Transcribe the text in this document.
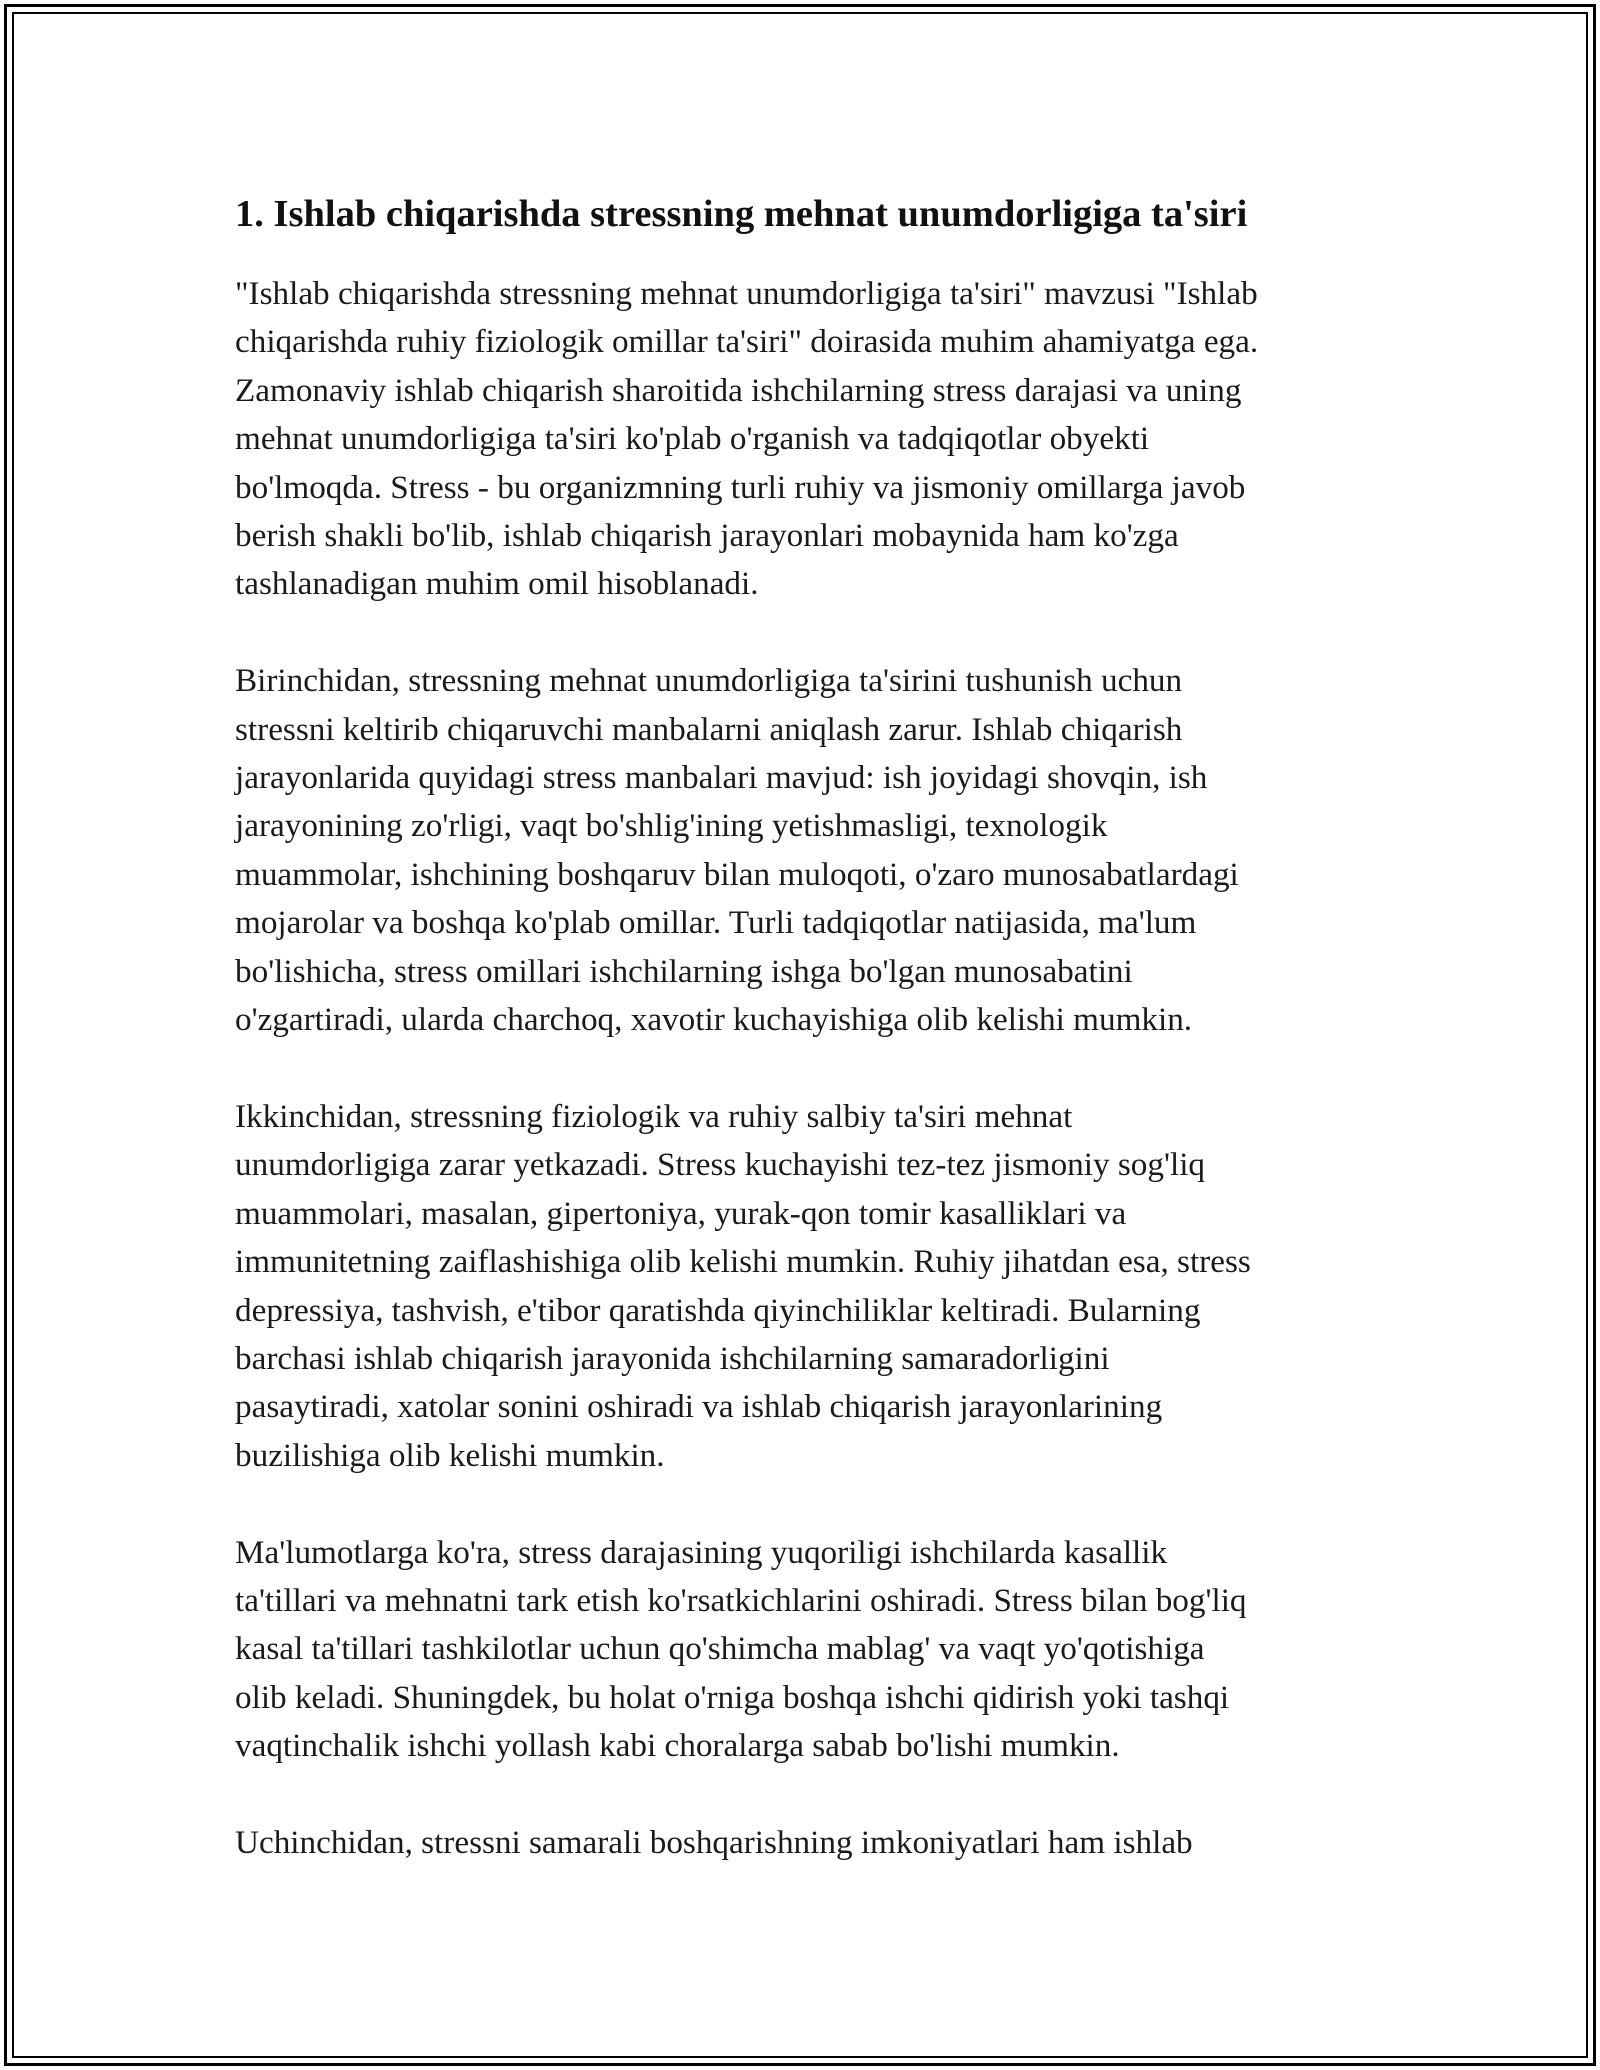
1. Ishlab chiqarishda stressning mehnat unumdorligiga ta'siri

"Ishlab chiqarishda stressning mehnat unumdorligiga ta'siri" mavzusi "Ishlab
chiqarishda ruhiy fiziologik omillar ta'siri" doirasida muhim ahamiyatga ega.
Zamonaviy ishlab chiqarish sharoitida ishchilarning stress darajasi va uning
mehnat unumdorligiga ta'siri ko'plab o'rganish va tadqiqotlar obyekti
bo'lmoqda. Stress - bu organizmning turli ruhiy va jismoniy omillarga javob
berish shakli bo'lib, ishlab chiqarish jarayonlari mobaynida ham ko'zga
tashlanadigan muhim omil hisoblanadi.

Birinchidan, stressning mehnat unumdorligiga ta'sirini tushunish uchun
stressni keltirib chiqaruvchi manbalarni aniqlash zarur. Ishlab chiqarish
jarayonlarida quyidagi stress manbalari mavjud: ish joyidagi shovqin, ish
jarayonining zo'rligi, vaqt bo'shlig'ining yetishmasligi, texnologik
muammolar, ishchining boshqaruv bilan muloqoti, o'zaro munosabatlardagi
mojarolar va boshqa ko'plab omillar. Turli tadqiqotlar natijasida, ma'lum
bo'lishicha, stress omillari ishchilarning ishga bo'lgan munosabatini
o'zgartiradi, ularda charchoq, xavotir kuchayishiga olib kelishi mumkin.

Ikkinchidan, stressning fiziologik va ruhiy salbiy ta'siri mehnat
unumdorligiga zarar yetkazadi. Stress kuchayishi tez-tez jismoniy sog'liq
muammolari, masalan, gipertoniya, yurak-qon tomir kasalliklari va
immunitetning zaiflashishiga olib kelishi mumkin. Ruhiy jihatdan esa, stress
depressiya, tashvish, e'tibor qaratishda qiyinchiliklar keltiradi. Bularning
barchasi ishlab chiqarish jarayonida ishchilarning samaradorligini
pasaytiradi, xatolar sonini oshiradi va ishlab chiqarish jarayonlarining
buzilishiga olib kelishi mumkin.

Ma'lumotlarga ko'ra, stress darajasining yuqoriligi ishchilarda kasallik
ta'tillari va mehnatni tark etish ko'rsatkichlarini oshiradi. Stress bilan bog'liq
kasal ta'tillari tashkilotlar uchun qo'shimcha mablag' va vaqt yo'qotishiga
olib keladi. Shuningdek, bu holat o'rniga boshqa ishchi qidirish yoki tashqi
vaqtinchalik ishchi yollash kabi choralarga sabab bo'lishi mumkin.

Uchinchidan, stressni samarali boshqarishning imkoniyatlari ham ishlab
